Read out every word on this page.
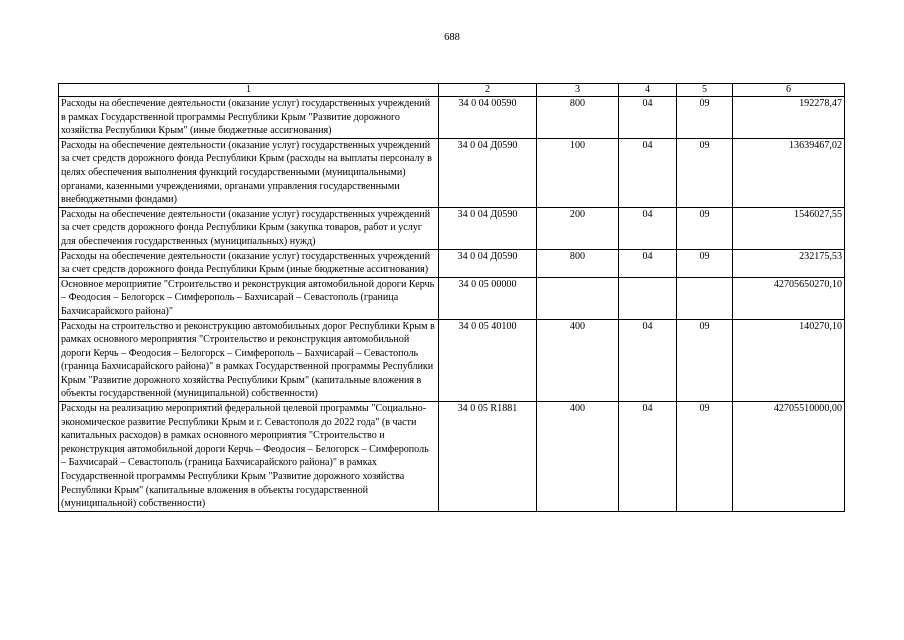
688
1	2	3	4	5	6
Расходы на обеспечение деятельности (оказание услуг) государственных учреждений в рамках Государственной программы Республики Крым "Развитие дорожного хозяйства Республики Крым" (иные бюджетные ассигнования)	34 0 04 00590	800	04	09	192278,47

Расходы на обеспечение деятельности (оказание услуг) государственных учреждений за счет средств дорожного фонда Республики Крым (расходы на выплаты персоналу в целях обеспечения выполнения функций государственными (муниципальными) органами, казенными учреждениями, органами управления государственными внебюджетными фондами)	34 0 04 Д0590	100	04	09	13639467,02

Расходы на обеспечение деятельности (оказание услуг) государственных учреждений за счет средств дорожного фонда Республики Крым (закупка товаров, работ и услуг для обеспечения государственных (муниципальных) нужд)	34 0 04 Д0590	200	04	09	1546027,55

Расходы на обеспечение деятельности (оказание услуг) государственных учреждений за счет средств дорожного фонда Республики Крым (иные бюджетные ассигнования)	34 0 04 Д0590	800	04	09	232175,53

Основное мероприятие "Строительство и реконструкция автомобильной дороги Керчь – Феодосия – Белогорск – Симферополь – Бахчисарай – Севастополь (граница Бахчисарайского района)"	34 0 05 00000				42705650270,10

Расходы на строительство и реконструкцию автомобильных дорог Республики Крым в рамках основного мероприятия "Строительство и реконструкция автомобильной дороги Керчь – Феодосия – Белогорск – Симферополь – Бахчисарай – Севастополь (граница Бахчисарайского района)" в рамках Государственной программы Республики Крым "Развитие дорожного хозяйства Республики Крым" (капитальные вложения в объекты государственной (муниципальной) собственности)	34 0 05 40100	400	04	09	140270,10

Расходы на реализацию мероприятий федеральной целевой программы "Социально-экономическое развитие Республики Крым и г. Севастополя до 2022 года" (в части капитальных расходов) в рамках основного мероприятия "Строительство и реконструкция автомобильной дороги Керчь – Феодосия – Белогорск – Симферополь – Бахчисарай – Севастополь (граница Бахчисарайского района)" в рамках Государственной программы Республики Крым "Развитие дорожного хозяйства Республики Крым" (капитальные вложения в объекты государственной (муниципальной) собственности)	34 0 05 R1881	400	04	09	42705510000,00
